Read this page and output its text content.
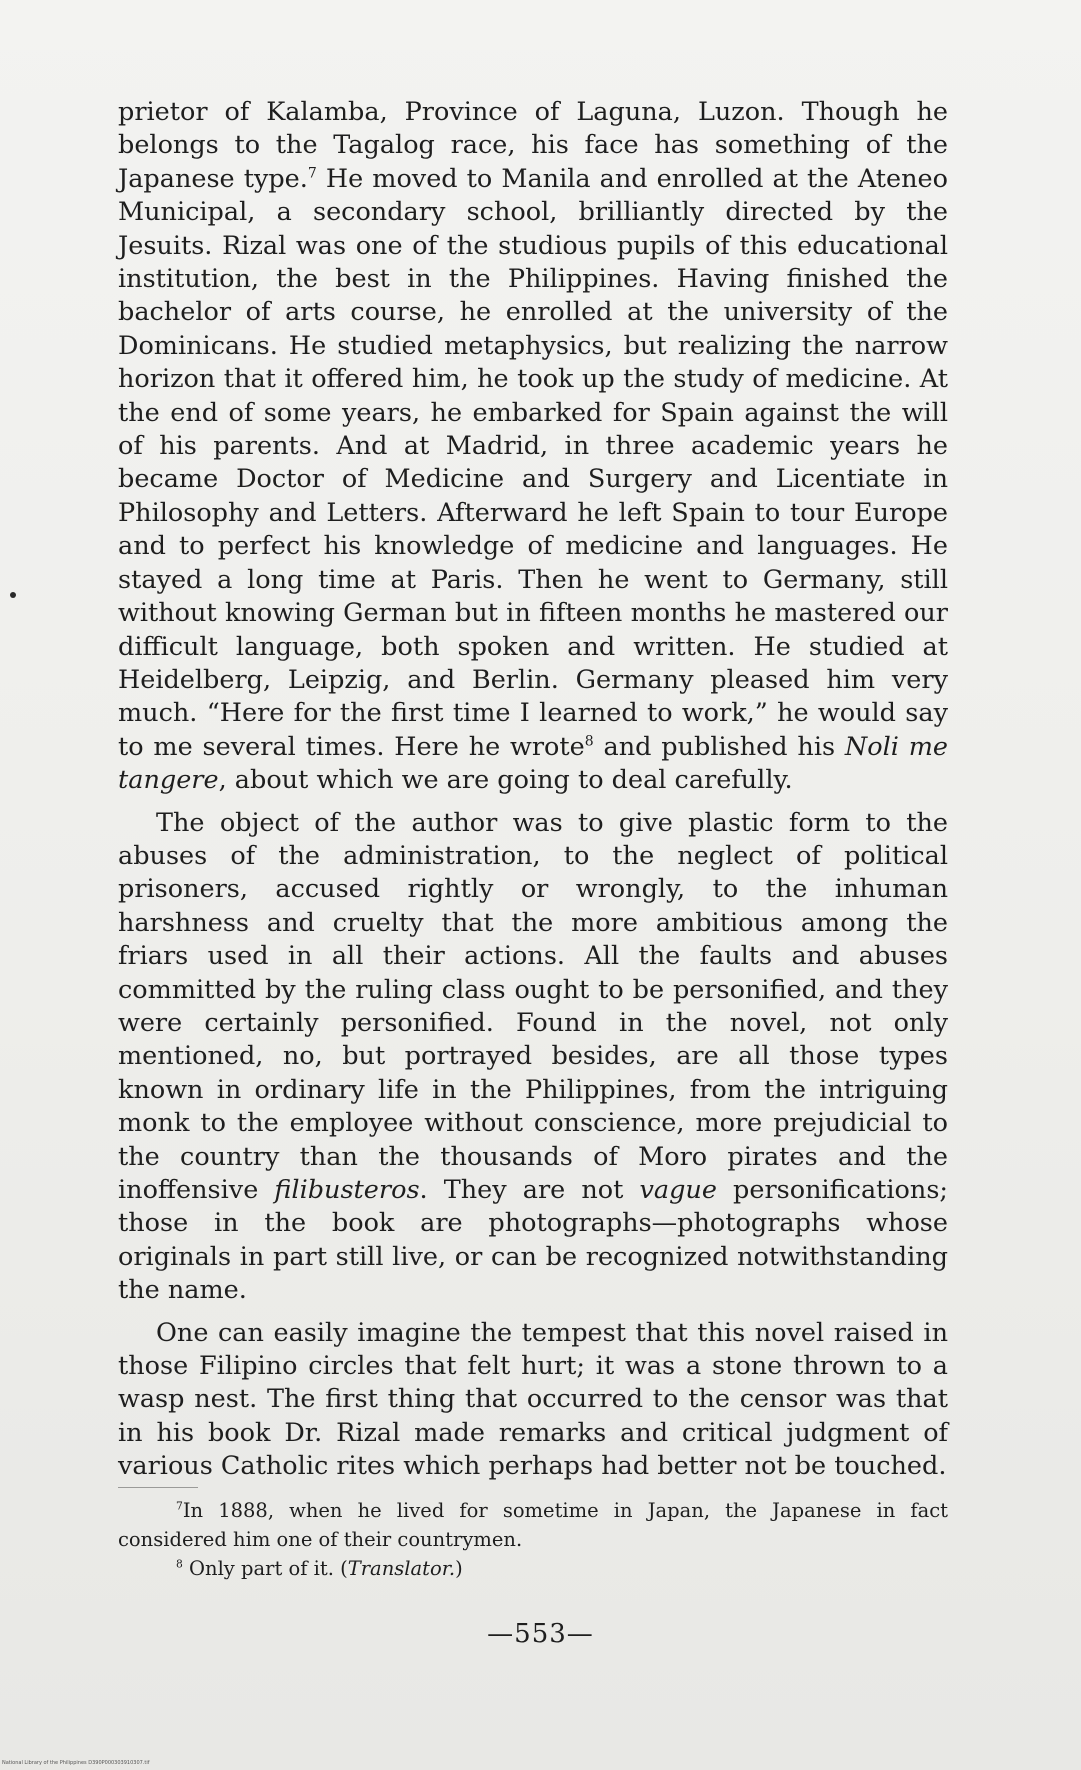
prietor of Kalamba, Province of Laguna, Luzon. Though he belongs to the Tagalog race, his face has something of the Japanese type.$^7$ He moved to Manila and enrolled at the Ateneo Municipal, a secondary school, brilliantly directed by the Jesuits. Rizal was one of the studious pupils of this educational institution, the best in the Philippines. Having finished the bachelor of arts course, he enrolled at the university of the Dominicans. He studied metaphysics, but realizing the narrow horizon that it offered him, he took up the study of medicine. At the end of some years, he embarked for Spain against the will of his parents. And at Madrid, in three academic years he became Doctor of Medicine and Surgery and Licentiate in Philosophy and Letters. Afterward he left Spain to tour Europe and to perfect his knowledge of medicine and languages. He stayed a long time at Paris. Then he went to Germany, still without knowing German but in fifteen months he mastered our difficult language, both spoken and written. He studied at Heidelberg, Leipzig, and Berlin. Germany pleased him very much. “Here for the first time I learned to work,” he would say to me several times. Here he wrote$^8$ and published his Noli me tangere, about which we are going to deal carefully.

The object of the author was to give plastic form to the abuses of the administration, to the neglect of political prisoners, accused rightly or wrongly, to the inhuman harshness and cruelty that the more ambitious among the friars used in all their actions. All the faults and abuses committed by the ruling class ought to be personified, and they were certainly personified. Found in the novel, not only mentioned, no, but portrayed besides, are all those types known in ordinary life in the Philippines, from the intriguing monk to the employee without conscience, more prejudicial to the country than the thousands of Moro pirates and the inoffensive filibusteros. They are not vague personifications; those in the book are photographs—photographs whose originals in part still live, or can be recognized notwithstanding the name.

One can easily imagine the tempest that this novel raised in those Filipino circles that felt hurt; it was a stone thrown to a wasp nest. The first thing that occurred to the censor was that in his book Dr. Rizal made remarks and critical judgment of various Catholic rites which perhaps had better not be touched.

$^7$In 1888, when he lived for sometime in Japan, the Japanese in fact considered him one of their countrymen.

$^8$ Only part of it. (Translator.)

—553—
National Library of the Philippines D390P000303910307.tif
